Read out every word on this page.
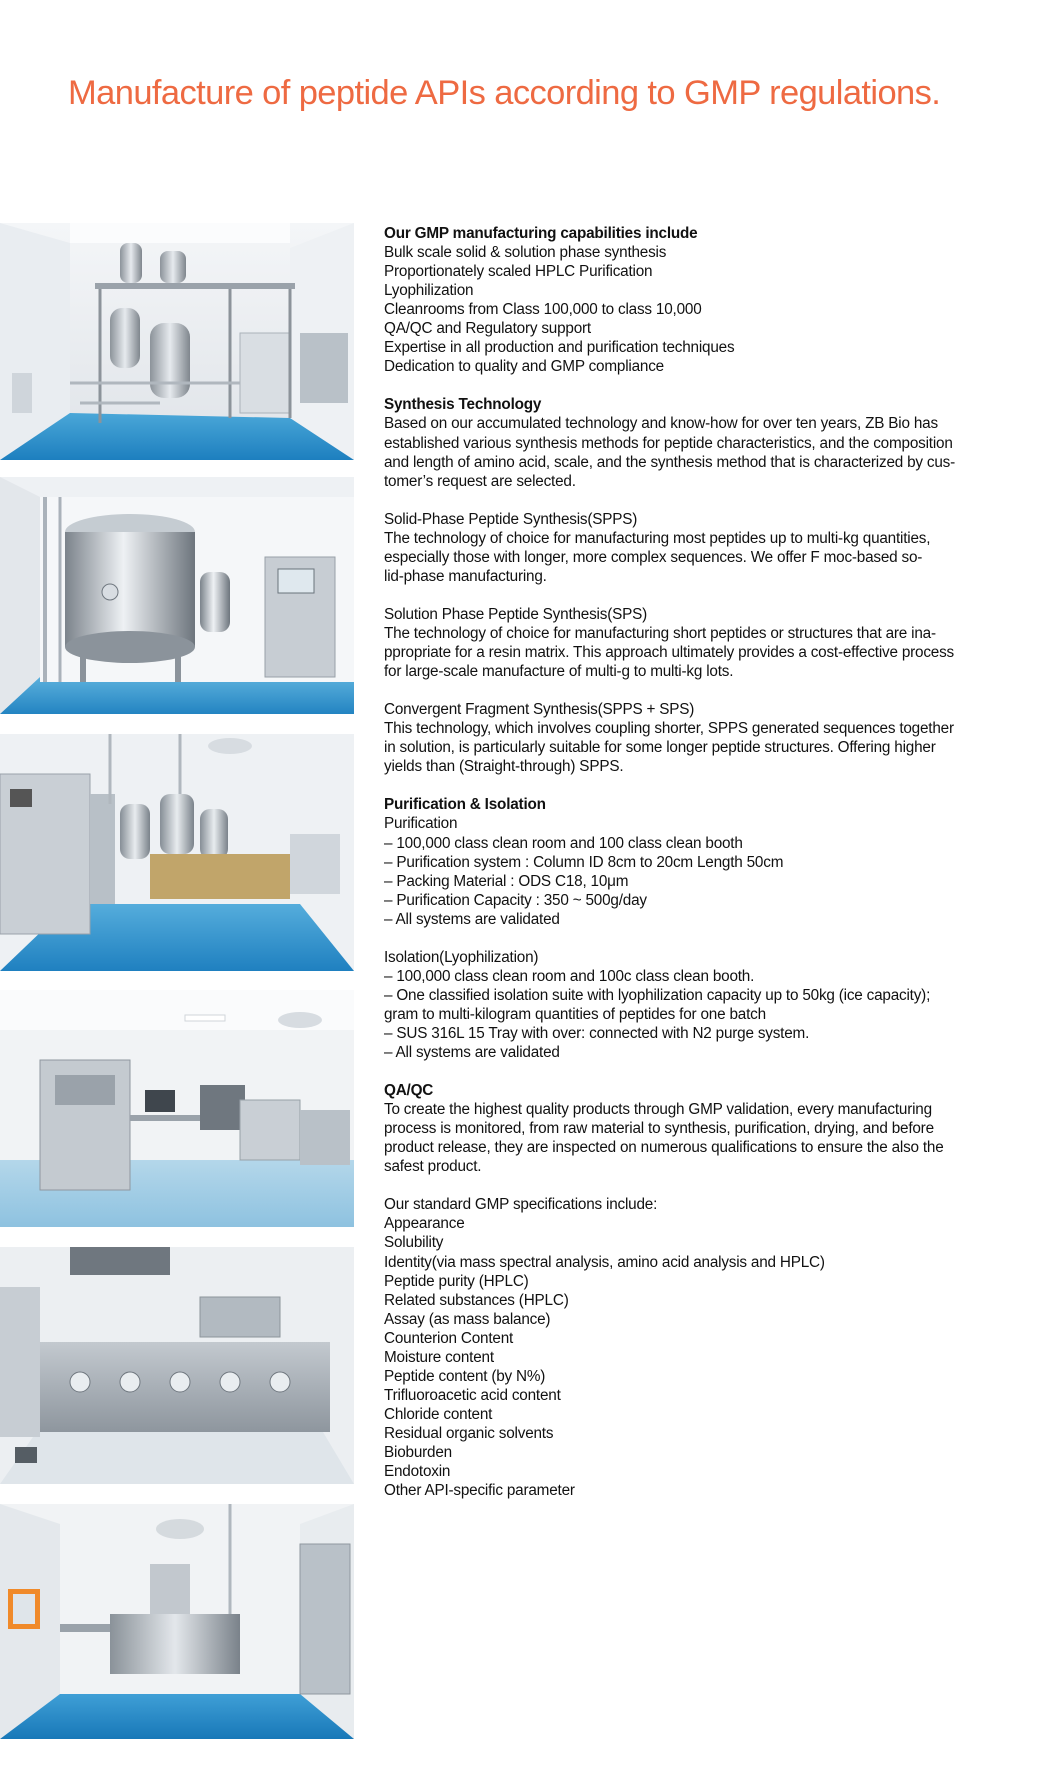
Manufacture of peptide APIs according to GMP regulations.
Our GMP manufacturing capabilities include
Bulk scale solid & solution phase synthesis
Proportionately scaled HPLC Purification
Lyophilization
Cleanrooms from Class 100,000 to class 10,000
QA/QC and Regulatory support
Expertise in all production and purification techniques
Dedication to quality and GMP compliance
Synthesis Technology
Based on our accumulated technology and know-how for over ten years, ZB Bio has
established various synthesis methods for peptide characteristics, and the composition
and length of amino acid, scale, and the synthesis method that is characterized by cus-
tomer’s request are selected.
Solid-Phase Peptide Synthesis(SPPS)
The technology of choice for manufacturing most peptides up to multi-kg quantities,
especially those with longer, more complex sequences. We offer F moc-based so-
lid-phase manufacturing.
Solution Phase Peptide Synthesis(SPS)
The technology of choice for manufacturing short peptides or structures that are ina-
ppropriate for a resin matrix. This approach ultimately provides a cost-effective process
for large-scale manufacture of multi-g to multi-kg lots.
Convergent Fragment Synthesis(SPPS + SPS)
This technology, which involves coupling shorter, SPPS generated sequences together
in solution, is particularly suitable for some longer peptide structures. Offering higher
yields than (Straight-through) SPPS.
Purification & Isolation
Purification
– 100,000 class clean room and 100 class clean booth
– Purification system : Column ID 8cm to 20cm Length 50cm
– Packing Material : ODS C18, 10μm
– Purification Capacity : 350 ~ 500g/day
– All systems are validated
Isolation(Lyophilization)
– 100,000 class clean room and 100c class clean booth.
– One classified isolation suite with lyophilization capacity up to 50kg (ice capacity);
gram to multi-kilogram quantities of peptides for one batch
– SUS 316L 15 Tray with over: connected with N2 purge system.
– All systems are validated
QA/QC
To create the highest quality products through GMP validation, every manufacturing
process is monitored, from raw material to synthesis, purification, drying, and before
product release, they are inspected on numerous qualifications to ensure the also the
safest product.
Our standard GMP specifications include:
Appearance
Solubility
Identity(via mass spectral analysis, amino acid analysis and HPLC)
Peptide purity (HPLC)
Related substances (HPLC)
Assay (as mass balance)
Counterion Content
Moisture content
Peptide content (by N%)
Trifluoroacetic acid content
Chloride content
Residual organic solvents
Bioburden
Endotoxin
Other API-specific parameter
